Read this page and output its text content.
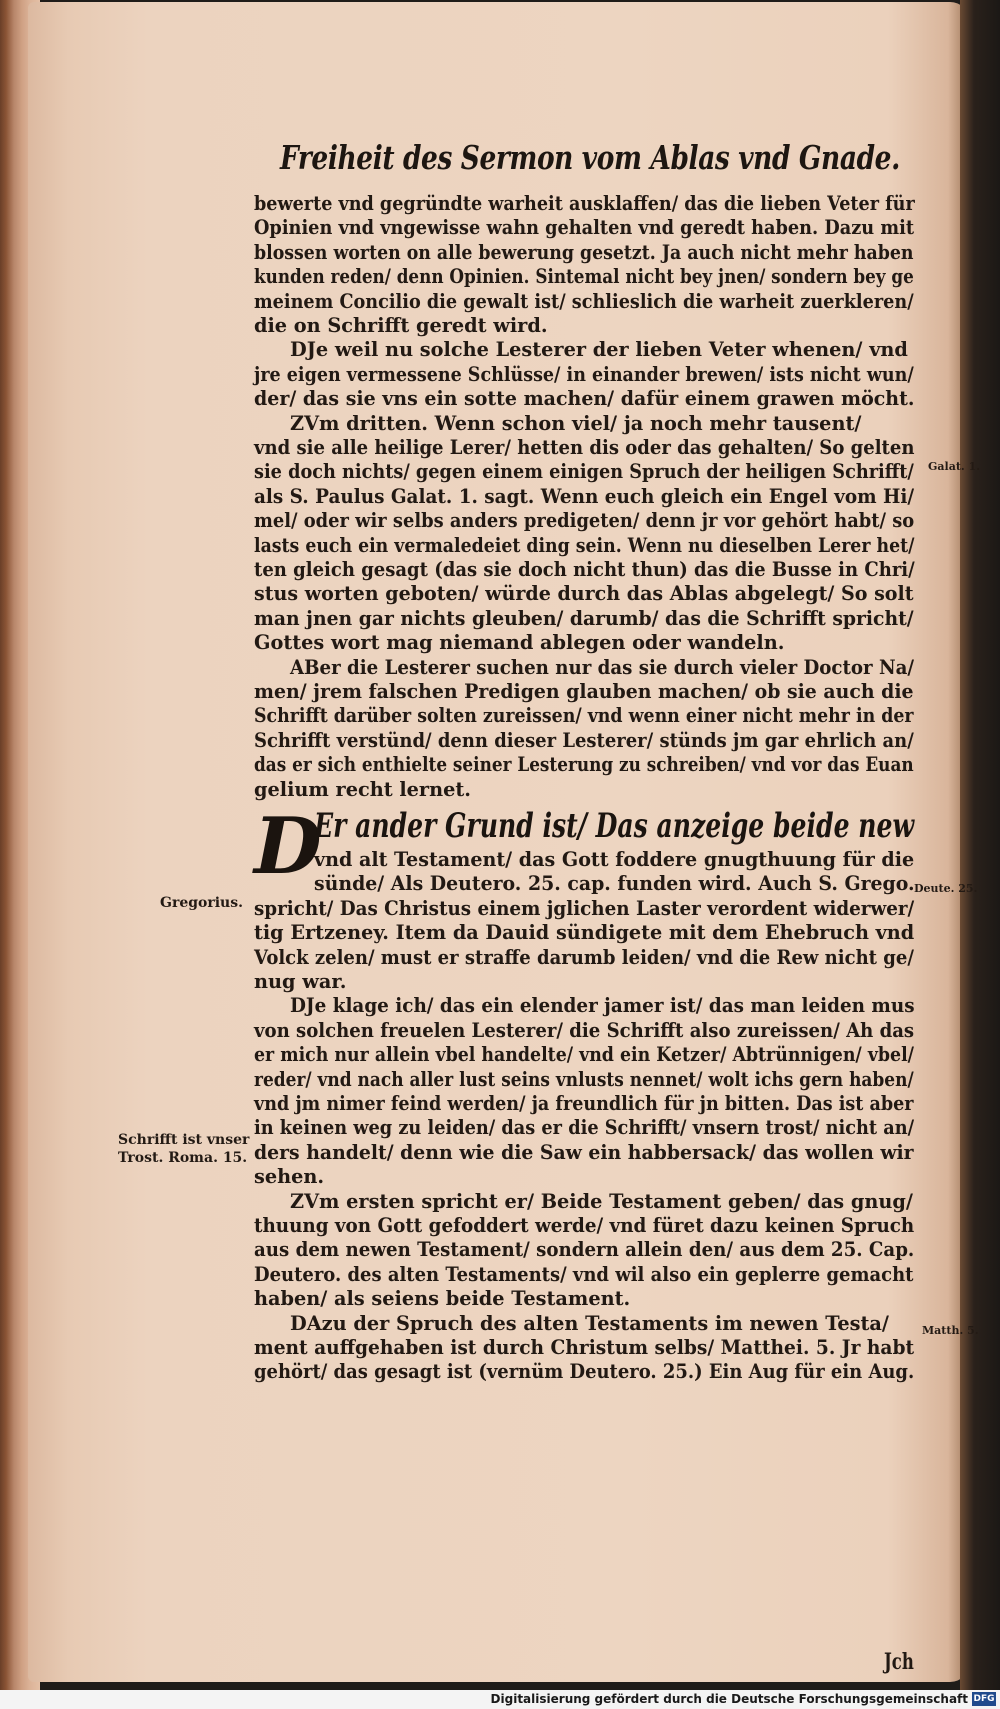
Freiheit des Sermon vom Ablas vnd Gnade.
bewerte vnd gegründte warheit ausklaffen/ das die lieben Veter für
Opinien vnd vngewisse wahn gehalten vnd geredt haben. Dazu mit
blossen worten on alle bewerung gesetzt. Ja auch nicht mehr haben
kunden reden/ denn Opinien. Sintemal nicht bey jnen/ sondern bey ge
meinem Concilio die gewalt ist/ schlieslich die warheit zuerkleren/
die on Schrifft geredt wird.
DJe weil nu solche Lesterer der lieben Veter whenen/ vnd
jre eigen vermessene Schlüsse/ in einander brewen/ ists nicht wun/
der/ das sie vns ein sotte machen/ dafür einem grawen möcht.
ZVm dritten. Wenn schon viel/ ja noch mehr tausent/
vnd sie alle heilige Lerer/ hetten dis oder das gehalten/ So gelten
sie doch nichts/ gegen einem einigen Spruch der heiligen Schrifft/
als S. Paulus Galat. 1. sagt. Wenn euch gleich ein Engel vom Hi/
mel/ oder wir selbs anders predigeten/ denn jr vor gehört habt/ so
lasts euch ein vermaledeiet ding sein. Wenn nu dieselben Lerer het/
ten gleich gesagt (das sie doch nicht thun) das die Busse in Chri/
stus worten geboten/ würde durch das Ablas abgelegt/ So solt
man jnen gar nichts gleuben/ darumb/ das die Schrifft spricht/
Gottes wort mag niemand ablegen oder wandeln.
ABer die Lesterer suchen nur das sie durch vieler Doctor Na/
men/ jrem falschen Predigen glauben machen/ ob sie auch die
Schrifft darüber solten zureissen/ vnd wenn einer nicht mehr in der
Schrifft verstünd/ denn dieser Lesterer/ stünds jm gar ehrlich an/
das er sich enthielte seiner Lesterung zu schreiben/ vnd vor das Euan
gelium recht lernet.
D
Er ander Grund ist/ Das anzeige beide new
vnd alt Testament/ das Gott foddere gnugthuung für die
sünde/ Als Deutero. 25. cap. funden wird. Auch S. Grego.
spricht/ Das Christus einem jglichen Laster verordent widerwer/
tig Ertzeney. Item da Dauid sündigete mit dem Ehebruch vnd
Volck zelen/ must er straffe darumb leiden/ vnd die Rew nicht ge/
nug war.
DJe klage ich/ das ein elender jamer ist/ das man leiden mus
von solchen freuelen Lesterer/ die Schrifft also zureissen/ Ah das
er mich nur allein vbel handelte/ vnd ein Ketzer/ Abtrünnigen/ vbel/
reder/ vnd nach aller lust seins vnlusts nennet/ wolt ichs gern haben/
vnd jm nimer feind werden/ ja freundlich für jn bitten. Das ist aber
in keinen weg zu leiden/ das er die Schrifft/ vnsern trost/ nicht an/
ders handelt/ denn wie die Saw ein habbersack/ das wollen wir
sehen.
ZVm ersten spricht er/ Beide Testament geben/ das gnug/
thuung von Gott gefoddert werde/ vnd füret dazu keinen Spruch
aus dem newen Testament/ sondern allein den/ aus dem 25. Cap.
Deutero. des alten Testaments/ vnd wil also ein geplerre gemacht
haben/ als seiens beide Testament.
DAzu der Spruch des alten Testaments im newen Testa/
ment auffgehaben ist durch Christum selbs/ Matthei. 5. Jr habt
gehört/ das gesagt ist (vernüm Deutero. 25.) Ein Aug für ein Aug.
Jch
Galat. 1.
Gregorius.
Deute. 25.
Schrifft ist vnser
Trost. Roma. 15.
Matth. 5.
Digitalisierung gefördert durch die Deutsche Forschungsgemeinschaft DFG
